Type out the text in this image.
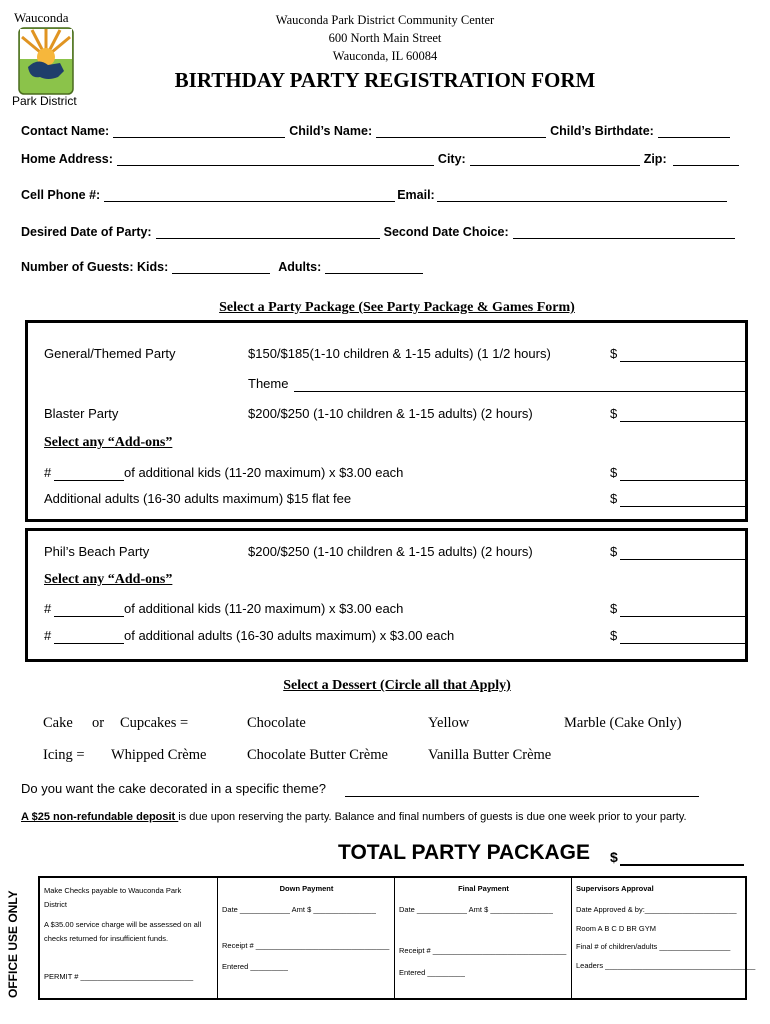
Wauconda
Park District
Wauconda Park District Community Center
600 North Main Street
Wauconda, IL 60084
BIRTHDAY PARTY REGISTRATION FORM
Contact Name:	Child’s Name:	Child’s Birthdate:
Home Address:	City:	Zip:
Cell Phone #:	Email:
Desired Date of Party:	Second Date Choice:
Number of Guests: Kids:	Adults:
Select a Party Package (See Party Package & Games Form)
General/Themed Party	$150/$185(1-10 children & 1-15 adults) (1 1/2 hours)	$
Theme
Blaster Party	$200/$250 (1-10 children & 1-15 adults) (2 hours)	$
Select any “Add-ons”
#	of additional kids (11-20 maximum) x $3.00 each	$
Additional adults (16-30 adults maximum) $15 flat fee	$
Phil’s Beach Party	$200/$250 (1-10 children & 1-15 adults) (2 hours)	$
Select any “Add-ons”
#	of additional kids (11-20 maximum) x $3.00 each	$
#	of additional adults (16-30 adults maximum) x $3.00 each	$
Select a Dessert (Circle all that Apply)
Cake or Cupcakes =	Chocolate	Yellow	Marble (Cake Only)
Icing = Whipped Crème	Chocolate Butter Crème	Vanilla Butter Crème
Do you want the cake decorated in a specific theme?
A $25 non-refundable deposit is due upon reserving the party. Balance and final numbers of guests is due one week prior to your party.
TOTAL PARTY PACKAGE $
OFFICE USE ONLY	Make Checks payable to Wauconda Park District
A $35.00 service charge will be assessed on all checks returned for insufficient funds.
PERMIT # ___________________________
Down Payment
Date ____________ Amt $ _______________
Receipt # ________________________________
Entered _________
Final Payment
Date ____________ Amt $ _______________
Receipt # ________________________________
Entered _________
Supervisors Approval
Date Approved & by:______________________
Room A B C D BR GYM
Final # of children/adults _________________
Leaders ____________________________________
